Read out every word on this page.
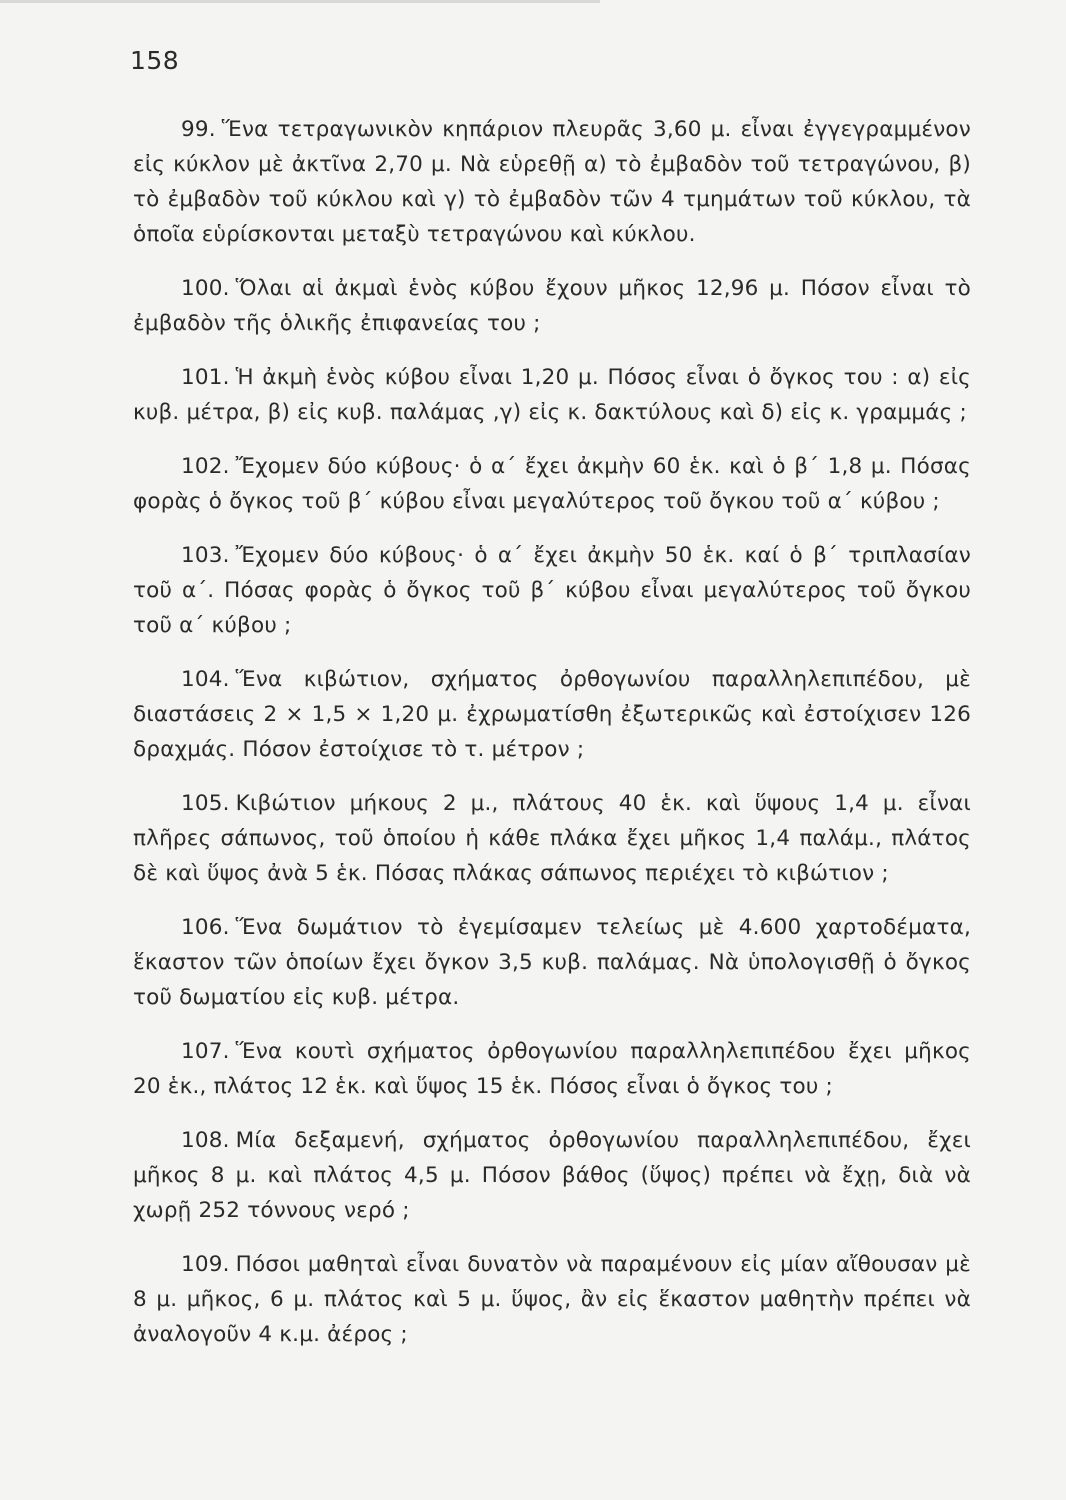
158

99. Ἕνα τετραγωνικὸν κηπάριον πλευρᾶς 3,60 μ. εἶναι ἐγγεγραμμένον εἰς κύκλον μὲ ἀκτῖνα 2,70 μ. Νὰ εὑρεθῇ α) τὸ ἐμβαδὸν τοῦ τετραγώνου, β) τὸ ἐμβαδὸν τοῦ κύκλου καὶ γ) τὸ ἐμβαδὸν τῶν 4 τμημάτων τοῦ κύκλου, τὰ ὁποῖα εὑρίσκονται μεταξὺ τετραγώνου καὶ κύκλου.

100. Ὅλαι αἱ ἀκμαὶ ἑνὸς κύβου ἔχουν μῆκος 12,96 μ. Πόσον εἶναι τὸ ἐμβαδὸν τῆς ὁλικῆς ἐπιφανείας του ;

101. Ἡ ἀκμὴ ἑνὸς κύβου εἶναι 1,20 μ. Πόσος εἶναι ὁ ὄγκος του : α) εἰς κυβ. μέτρα, β) εἰς κυβ. παλάμας ,γ) εἰς κ. δακτύλους καὶ δ) εἰς κ. γραμμάς ;

102. Ἔχομεν δύο κύβους· ὁ α΄ ἔχει ἀκμὴν 60 ἑκ. καὶ ὁ β΄ 1,8 μ. Πόσας φορὰς ὁ ὄγκος τοῦ β΄ κύβου εἶναι μεγαλύτερος τοῦ ὄγκου τοῦ α΄ κύβου ;

103. Ἔχομεν δύο κύβους· ὁ α΄ ἔχει ἀκμὴν 50 ἑκ. καί ὁ β΄ τριπλασίαν τοῦ α΄. Πόσας φορὰς ὁ ὄγκος τοῦ β΄ κύβου εἶναι μεγαλύτερος τοῦ ὄγκου τοῦ α΄ κύβου ;

104. Ἕνα κιβώτιον, σχήματος ὀρθογωνίου παραλληλεπιπέδου, μὲ διαστάσεις 2 × 1,5 × 1,20 μ. ἐχρωματίσθη ἐξωτερικῶς καὶ ἐστοίχισεν 126 δραχμάς. Πόσον ἐστοίχισε τὸ τ. μέτρον ;

105. Κιβώτιον μήκους 2 μ., πλάτους 40 ἑκ. καὶ ὕψους 1,4 μ. εἶναι πλῆρες σάπωνος, τοῦ ὁποίου ἡ κάθε πλάκα ἔχει μῆκος 1,4 παλάμ., πλάτος δὲ καὶ ὕψος ἀνὰ 5 ἑκ. Πόσας πλάκας σάπωνος περιέχει τὸ κιβώτιον ;

106. Ἕνα δωμάτιον τὸ ἐγεμίσαμεν τελείως μὲ 4.600 χαρτοδέματα, ἕκαστον τῶν ὁποίων ἔχει ὄγκον 3,5 κυβ. παλάμας. Νὰ ὑπολογισθῇ ὁ ὄγκος τοῦ δωματίου εἰς κυβ. μέτρα.

107. Ἕνα κουτὶ σχήματος ὀρθογωνίου παραλληλεπιπέδου ἔχει μῆκος 20 ἑκ., πλάτος 12 ἑκ. καὶ ὕψος 15 ἑκ. Πόσος εἶναι ὁ ὄγκος του ;

108. Μία δεξαμενή, σχήματος ὀρθογωνίου παραλληλεπιπέδου, ἔχει μῆκος 8 μ. καὶ πλάτος 4,5 μ. Πόσον βάθος (ὕψος) πρέπει νὰ ἔχῃ, διὰ νὰ χωρῇ 252 τόννους νερό ;

109. Πόσοι μαθηταὶ εἶναι δυνατὸν νὰ παραμένουν εἰς μίαν αἴθουσαν μὲ 8 μ. μῆκος, 6 μ. πλάτος καὶ 5 μ. ὕψος, ἂν εἰς ἕκαστον μαθητὴν πρέπει νὰ ἀναλογοῦν 4 κ.μ. ἀέρος ;
